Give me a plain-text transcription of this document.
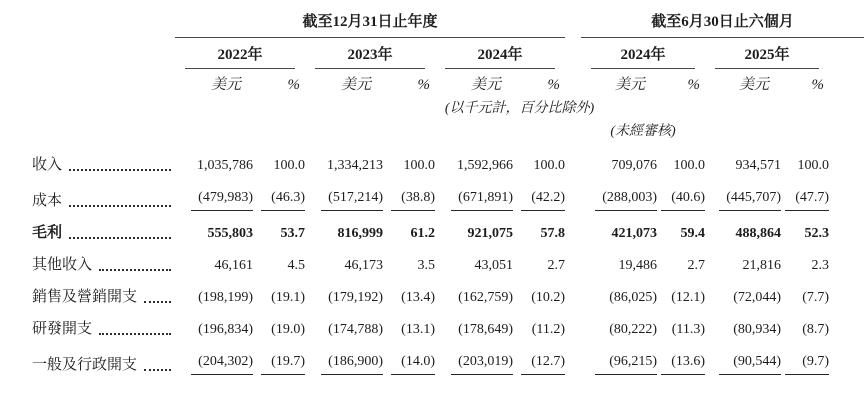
	截至12月31日止年度							截至6月30日止六個月				

	2022年		2023年		2024年			2024年		2025年		

	美元	%	美元	%	美元	%		美元	%	美元	%	
	(以千元計，百分比除外)											
								(未經審核)				

收入	1,035,786	100.0	1,334,213	100.0	1,592,966	100.0		709,076	100.0	934,571	100.0	

成本	(479,983)	(46.3)	(517,214)	(38.8)	(671,891)	(42.2)		(288,003)	(40.6)	(445,707)	(47.7)	

毛利	555,803	53.7	816,999	61.2	921,075	57.8		421,073	59.4	488,864	52.3	

其他收入	46,161	4.5	46,173	3.5	43,051	2.7		19,486	2.7	21,816	2.3	

銷售及營銷開支	(198,199)	(19.1)	(179,192)	(13.4)	(162,759)	(10.2)		(86,025)	(12.1)	(72,044)	(7.7)	

研發開支	(196,834)	(19.0)	(174,788)	(13.1)	(178,649)	(11.2)		(80,222)	(11.3)	(80,934)	(8.7)	

一般及行政開支	(204,302)	(19.7)	(186,900)	(14.0)	(203,019)	(12.7)		(96,215)	(13.6)	(90,544)	(9.7)	
